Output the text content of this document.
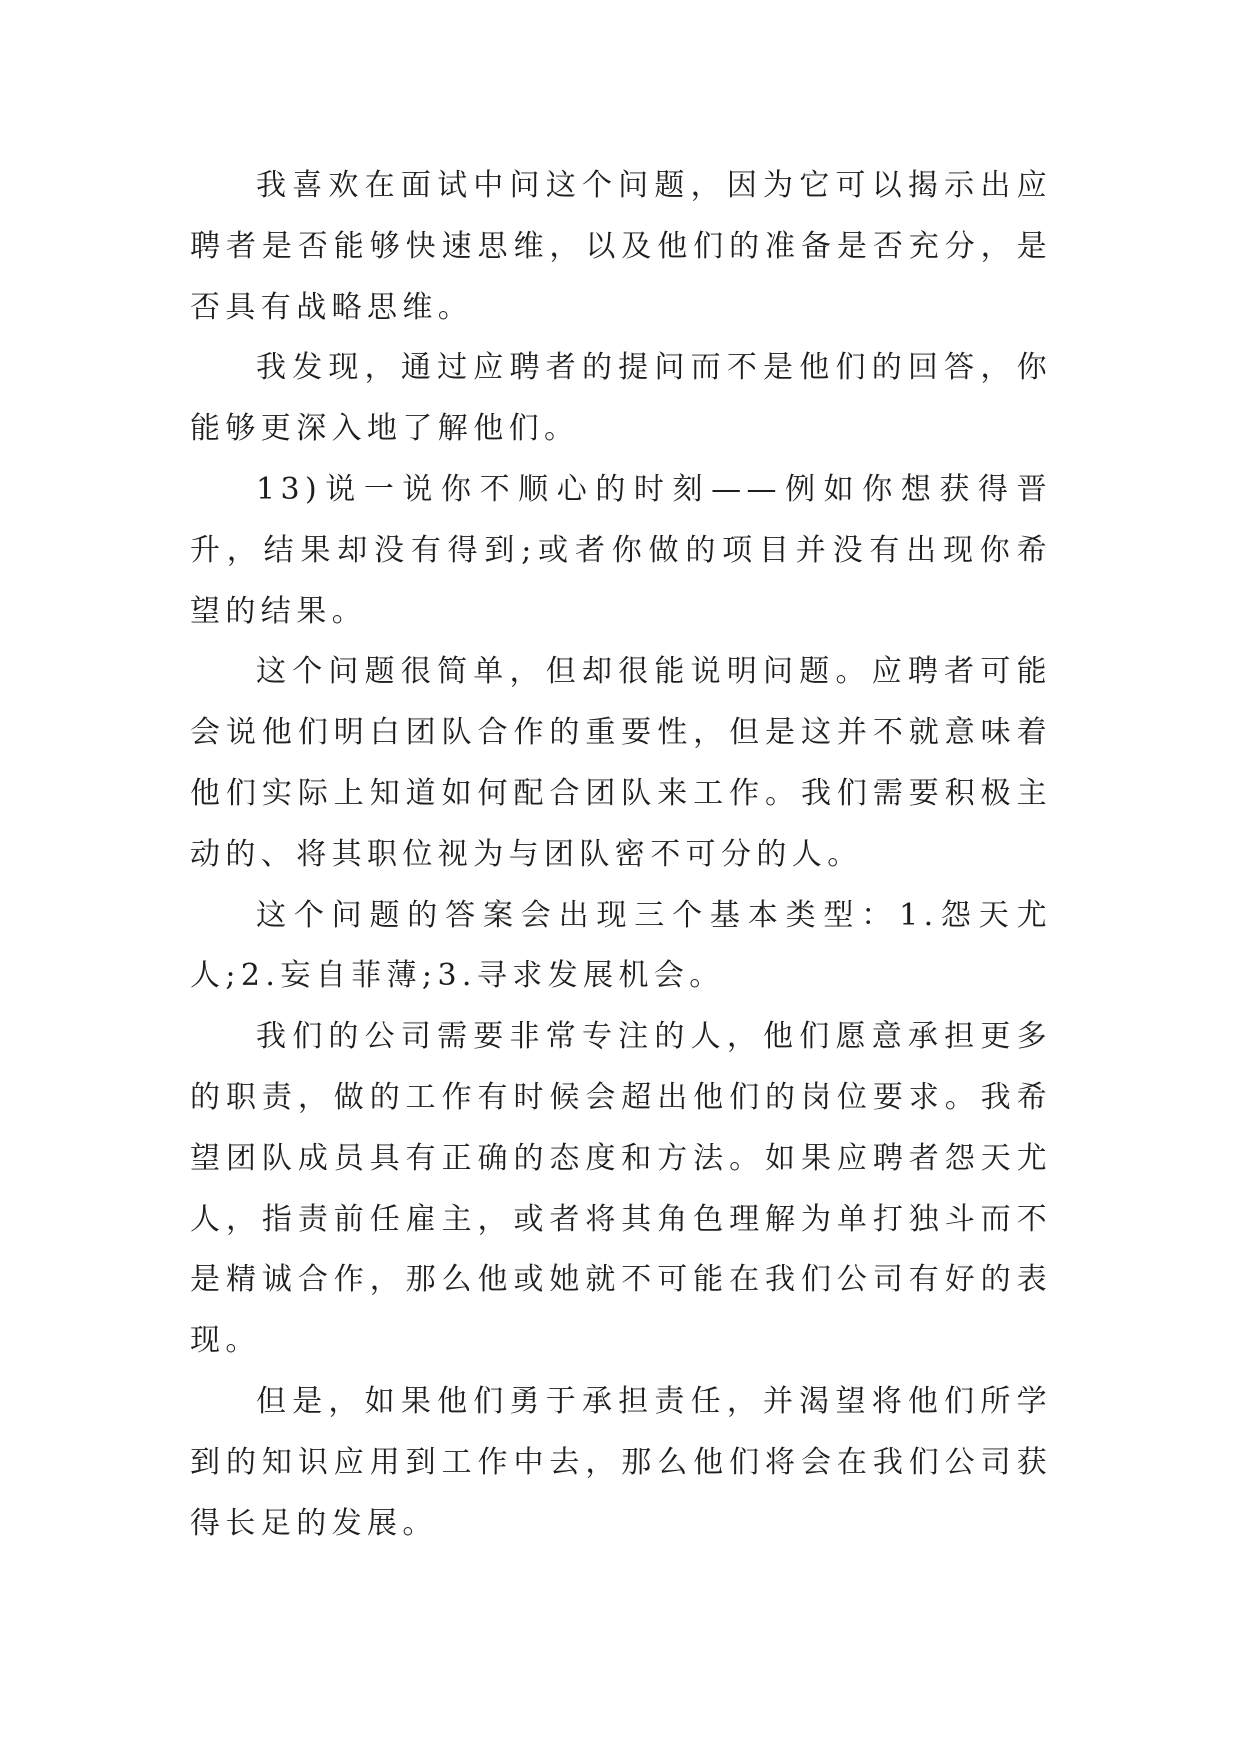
我喜欢在面试中问这个问题，因为它可以揭示出应聘者是否能够快速思维，以及他们的准备是否充分，是否具有战略思维。

我发现，通过应聘者的提问而不是他们的回答，你能够更深入地了解他们。

13)说一说你不顺心的时刻——例如你想获得晋升，结果却没有得到;或者你做的项目并没有出现你希望的结果。

这个问题很简单，但却很能说明问题。应聘者可能会说他们明白团队合作的重要性，但是这并不就意味着他们实际上知道如何配合团队来工作。我们需要积极主动的、将其职位视为与团队密不可分的人。

这个问题的答案会出现三个基本类型：1.怨天尤人;2.妄自菲薄;3.寻求发展机会。

我们的公司需要非常专注的人，他们愿意承担更多的职责，做的工作有时候会超出他们的岗位要求。我希望团队成员具有正确的态度和方法。如果应聘者怨天尤人，指责前任雇主，或者将其角色理解为单打独斗而不是精诚合作，那么他或她就不可能在我们公司有好的表现。

但是，如果他们勇于承担责任，并渴望将他们所学到的知识应用到工作中去，那么他们将会在我们公司获得长足的发展。
